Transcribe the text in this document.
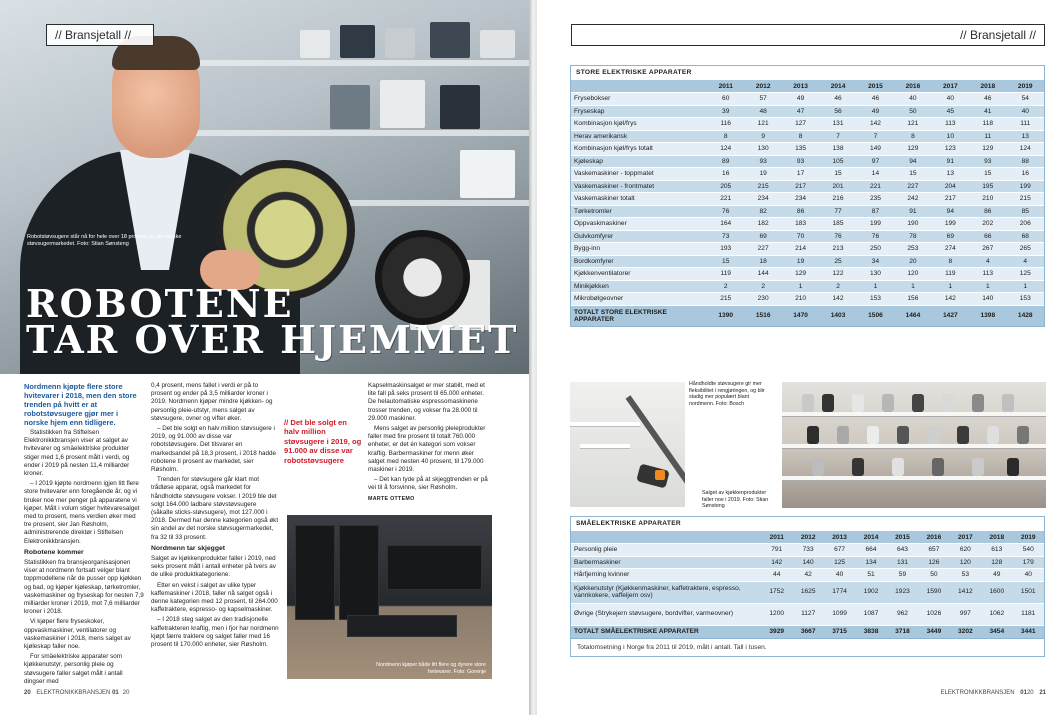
// Bransjetall //
Robotstøvsugere står nå for hele over 18 prosent av det norske støvsugermarkedet. Foto: Stian Sønsteng
ROBOTENE
TAR OVER HJEMMET

Nordmenn kjøpte flere store hvitevarer i 2018, men den store trenden på hvitt er at robotstøvsugere gjør mer i norske hjem enn tidligere.

Statistikken fra Stiftelsen Elektronikkbransjen viser at salget av hvitevarer og smäelektriske produkter stiger med 1,6 prosent målt i verdi, og ender i 2019 på nesten 11,4 milliarder kroner.

– I 2019 kjøpte nordmenn igjen litt flere store hvitevarer enn foregående år, og vi bruker noe mer penger på apparatene vi kjøper. Målt i volum stiger hvitevaresalget med to prosent, mens verdien øker med tre prosent, sier Jan Røsholm, administrerende direktør i Stiftelsen Elektronikkbransjen.

Robotene kommer

Statistikken fra bransjeorganisasjonen viser at nordmenn fortsatt velger blant toppmodellene når de pusser opp kjøkken og bad, og kjøper kjøleskap, tørketromler, vaskemaskiner og fryseskap for nesten 7,9 milliarder kroner i 2019, mot 7,6 milliarder kroner i 2018.

Vi kjøper flere fryseskoker, oppvaskmaskiner, ventilatorer og vaskemaskiner i 2018, mens salget av kjøleskap faller noe.

For smäelektriske apparater som kjøkkenutstyr, personlig pleie og støvsugere faller salget målt i antall dingser med

0,4 prosent, mens fallet i verdi er på to prosent og ender på 3,5 milliarder kroner i 2019. Nordmenn kjøper mindre kjøkken- og personlig pleie-utstyr, mens salget av støvsugere, ovner og vifter øker.

– Det ble solgt en halv million støvsugere i 2019, og 91.000 av disse var robotstøvsugere. Det tilsvarer en markedsandel på 18,3 prosent, i 2018 hadde robotene ti prosent av markedet, sier Røsholm.

Trenden for støvsugere går klart mot trådløse apparat, også markedet for håndholdte støvsugere vokser. I 2019 ble det solgt 164.000 ladbare støvstøvsugere (såkalte sticks-støvsugere), mot 127.000 i 2018. Dermed har denne kategorien også økt sin andel av det norske støvsugermarkedet, fra 32 til 33 prosent.

Nordmenn tar skjegget

Salget av kjøkkenprodukter faller i 2019, ned seks prosent målt i antall enheter på tvers av de ulike produktkategoriene.

Etter en vekst i salget av ulike typer kaffemaskiner i 2018, faller nå salget også i denne kategorien med 12 prosent, til 264.000 kaffetraktere, espresso- og kapselmaskiner.

– I 2018 steg salget av den tradisjonelle kaffetrakteren kraftig, men i fjor har nordmenn kjøpt færre traktere og salget faller med 16 prosent til 170.000 enheter, sier Røsholm.

// Det ble solgt en halv million støvsugere i 2019, og 91.000 av disse var robotstøvsugere

Kapselmaskinsalget er mer stabilt, med et lite fall på seks prosent til 65.000 enheter. De helautomatiske espressomaskinene trosser trenden, og vokser fra 28.000 til 29.000 maskiner.

Mens salget av personlig pleieprodukter faller med fire prosent til totalt 760.000 enheter, er det én kategori som vokser kraftig. Barbermaskiner for menn øker salget med nesten 40 prosent, til 179.000 maskiner i 2019.

– Det kan tyde på at skjeggtrenden er på vei til å forsvinne, sier Røsholm.

MARTE OTTEMO

Nordmenn kjøper både litt flere og dyrere store hvitevarer. Foto: Gorenje
20 ELEKTRONIKKBRANSJEN 01 20
// Bransjetall //
STORE ELEKTRISKE APPARATER
	2011	2012	2013	2014	2015	2016	2017	2018	2019
Frysebokser	60	57	49	46	46	40	40	46	54
Fryseskap	39	48	47	56	49	50	45	41	40
Kombinasjon kjøl/frys	116	121	127	131	142	121	113	118	111
Herav amerikansk	8	9	8	7	7	8	10	11	13
Kombinasjon kjøl/frys totalt	124	130	135	138	149	129	123	129	124
Kjøleskap	89	93	93	105	97	94	91	93	88
Vaskemaskiner - toppmatet	16	19	17	15	14	15	13	15	16
Vaskemaskiner - frontmatet	205	215	217	201	221	227	204	195	199
Vaskemaskiner totalt	221	234	234	216	235	242	217	210	215
Tørketromler	76	82	86	77	87	91	94	86	85
Oppvaskmaskiner	164	182	183	185	199	190	199	202	206
Gulvkomfyrer	73	69	70	76	76	78	69	66	68
Bygg-inn	193	227	214	213	250	253	274	267	265
Bordkomfyrer	15	18	19	25	34	20	8	4	4
Kjøkkenventilatorer	119	144	129	122	130	120	119	113	125
Minikjøkken	2	2	1	2	1	1	1	1	1
Mikrobølgeovner	215	230	210	142	153	156	142	140	153
TOTALT STORE ELEKTRISKE APPARATER	1390	1516	1470	1403	1506	1464	1427	1398	1428
Håndholdte støvsugere gir mer fleksibilitet i rengjøringen, og blir stadig mer populært blant nordmenn. Foto: Bosch
Salget av kjøkkenprodukter faller noe i 2019. Foto: Stian Sønsteng
SMÅELEKTRISKE APPARATER
	2011	2012	2013	2014	2015	2016	2017	2018	2019
Personlig pleie	791	733	677	664	643	657	620	613	540
Barbermaskiner	142	140	125	134	131	126	120	128	179
Hårfjerning kvinner	44	42	40	51	59	50	53	49	40
Kjøkkenutstyr (Kjøkkenmaskiner, kaffetraktere, espresso, vannkokere, vaffeljern osv)	1752	1625	1774	1902	1923	1590	1412	1600	1501
Øvrige (Strykejern støvsugere, bordvifter, varmeovner)	1200	1127	1099	1087	962	1026	997	1062	1181
TOTALT SMÅELEKTRISKE APPARATER	3929	3667	3715	3838	3718	3449	3202	3454	3441
Totalomsetning i Norge fra 2011 til 2019, målt i antall. Tall i tusen.
ELEKTRONIKKBRANSJEN 0120 21
